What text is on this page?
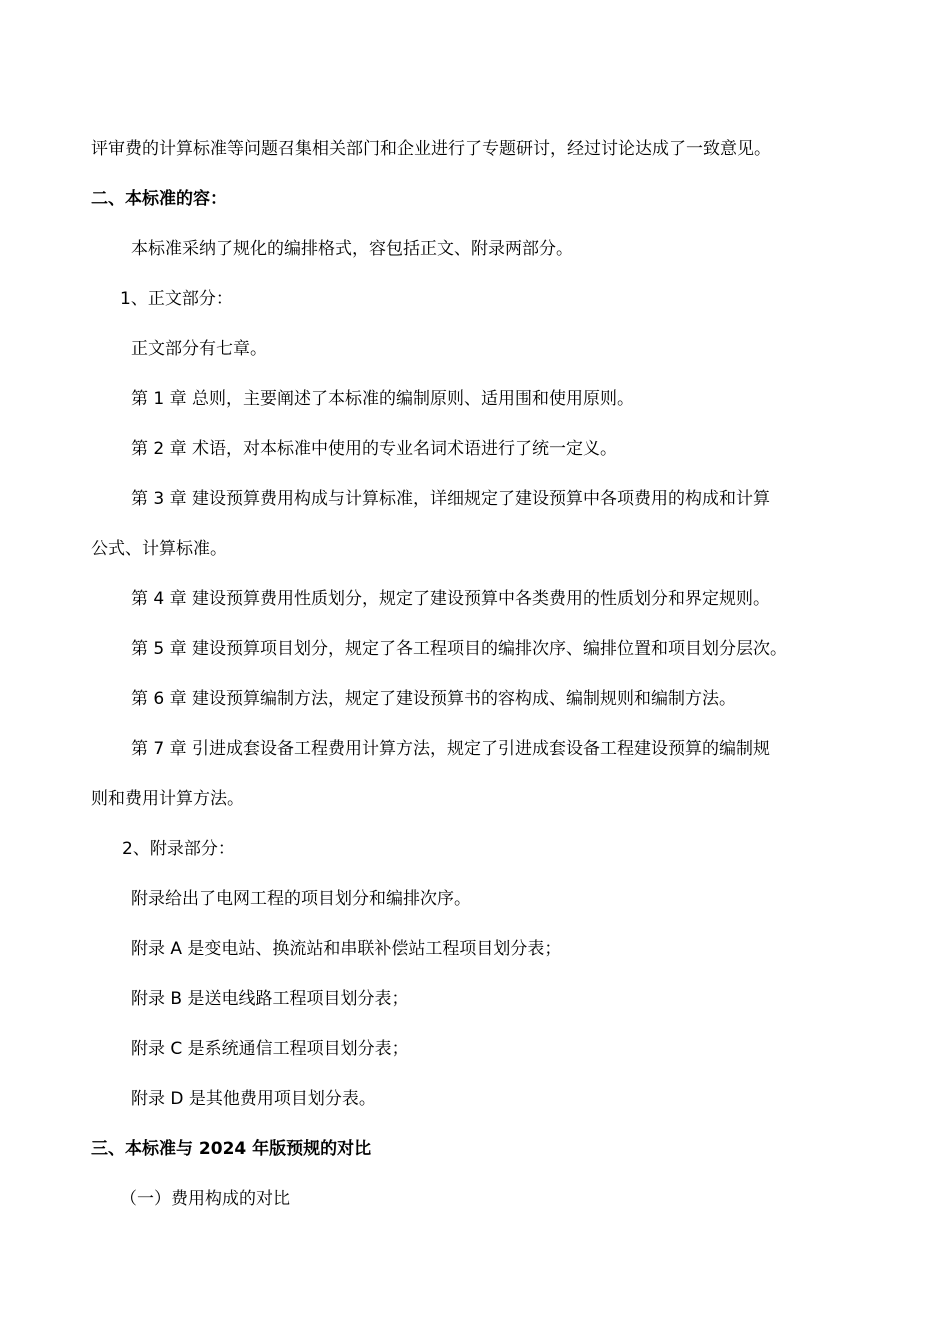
评审费的计算标准等问题召集相关部门和企业进行了专题研讨，经过讨论达成了一致意见。
二、本标准的容：
本标准采纳了规化的编排格式，容包括正文、附录两部分。
1、正文部分：
正文部分有七章。
第 1 章 总则，主要阐述了本标准的编制原则、适用围和使用原则。
第 2 章 术语，对本标准中使用的专业名词术语进行了统一定义。
第 3 章 建设预算费用构成与计算标准，详细规定了建设预算中各项费用的构成和计算
公式、计算标准。
第 4 章 建设预算费用性质划分，规定了建设预算中各类费用的性质划分和界定规则。
第 5 章 建设预算项目划分，规定了各工程项目的编排次序、编排位置和项目划分层次。
第 6 章 建设预算编制方法，规定了建设预算书的容构成、编制规则和编制方法。
第 7 章 引进成套设备工程费用计算方法，规定了引进成套设备工程建设预算的编制规
则和费用计算方法。
2、附录部分：
附录给出了电网工程的项目划分和编排次序。
附录 A 是变电站、换流站和串联补偿站工程项目划分表；
附录 B 是送电线路工程项目划分表；
附录 C 是系统通信工程项目划分表；
附录 D 是其他费用项目划分表。
三、本标准与 2024 年版预规的对比
（一）费用构成的对比
